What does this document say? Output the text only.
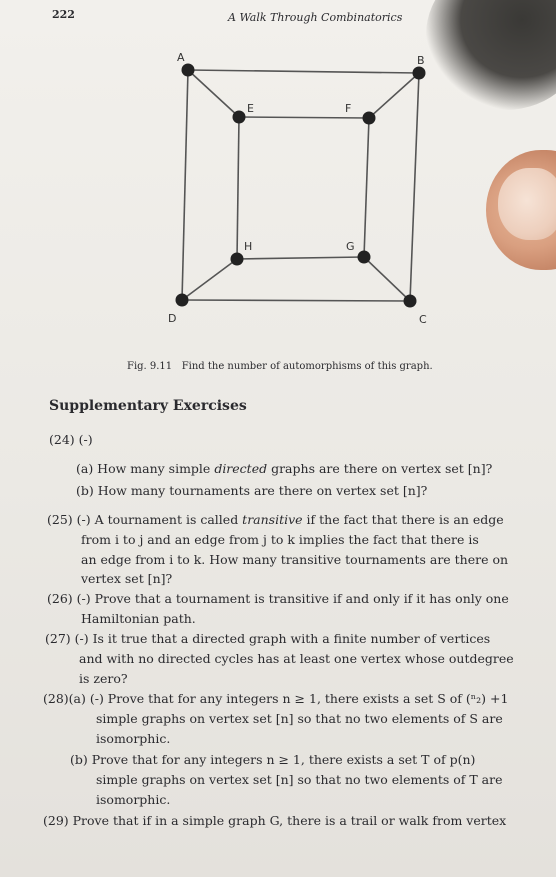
222	A Walk Through Combinatorics
A	B
C
D
E	F
G
H
Fig. 9.11 Find the number of automorphisms of this graph.
Supplementary Exercises
(24) (-)
(a) How many simple directed graphs are there on vertex set [n]?
(b) How many tournaments are there on vertex set [n]?
(25) (-) A tournament is called transitive if the fact that there is an edge
from i to j and an edge from j to k implies the fact that there is
an edge from i to k. How many transitive tournaments are there on
vertex set [n]?
(26) (-) Prove that a tournament is transitive if and only if it has only one
Hamiltonian path.
(27) (-) Is it true that a directed graph with a finite number of vertices
and with no directed cycles has at least one vertex whose outdegree
is zero?
(28)(a) (-) Prove that for any integers n ≥ 1, there exists a set S of (ⁿ₂) +1
simple graphs on vertex set [n] so that no two elements of S are
isomorphic.
(b) Prove that for any integers n ≥ 1, there exists a set T of p(n)
simple graphs on vertex set [n] so that no two elements of T are
isomorphic.
(29) Prove that if in a simple graph G, there is a trail or walk from vertex
